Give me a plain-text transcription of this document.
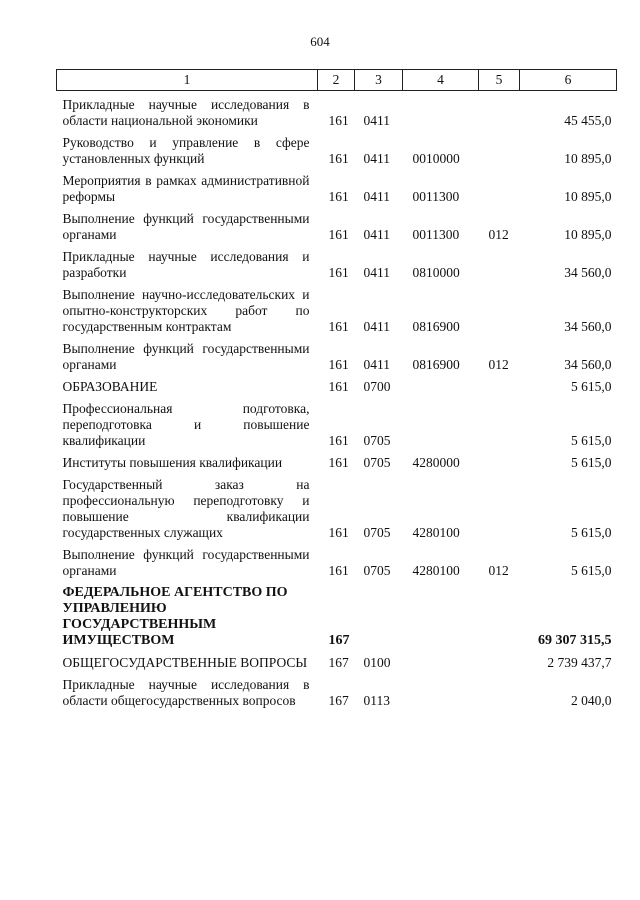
604
1	2	3	4	5	6
Прикладные научные исследования в области национальной экономики	161	0411			45 455,0
Руководство и управление в сфере установленных функций	161	0411	0010000		10 895,0
Мероприятия в рамках административной реформы	161	0411	0011300		10 895,0
Выполнение функций государственными органами	161	0411	0011300	012	10 895,0
Прикладные научные исследования и разработки	161	0411	0810000		34 560,0
Выполнение научно-исследовательских и опытно-конструкторских работ по государственным контрактам	161	0411	0816900		34 560,0
Выполнение функций государственными органами	161	0411	0816900	012	34 560,0
ОБРАЗОВАНИЕ	161	0700			5 615,0
Профессиональная подготовка, переподготовка и повышение квалификации	161	0705			5 615,0
Институты повышения квалификации	161	0705	4280000		5 615,0
Государственный заказ на профессиональную переподготовку и повышение квалификации государственных служащих	161	0705	4280100		5 615,0
Выполнение функций государственными органами	161	0705	4280100	012	5 615,0
ФЕДЕРАЛЬНОЕ АГЕНТСТВО ПО УПРАВЛЕНИЮ ГОСУДАРСТВЕННЫМ ИМУЩЕСТВОМ	167				69 307 315,5
ОБЩЕГОСУДАРСТВЕННЫЕ ВОПРОСЫ	167	0100			2 739 437,7
Прикладные научные исследования в области общегосударственных вопросов	167	0113			2 040,0
